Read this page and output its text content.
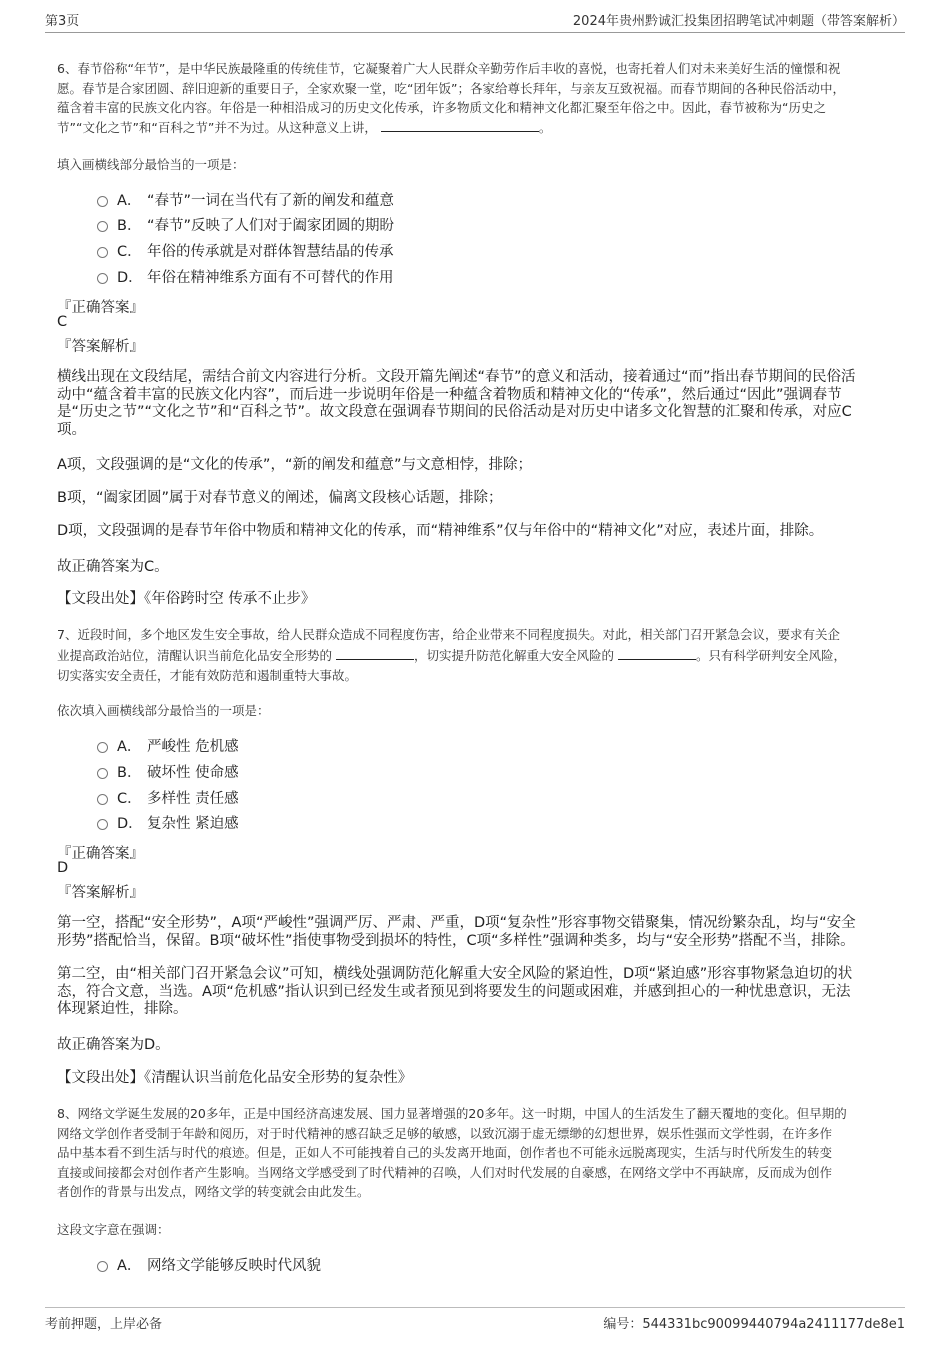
第3页	2024年贵州黔诚汇投集团招聘笔试冲刺题（带答案解析）
6、春节俗称“年节”，是中华民族最隆重的传统佳节，它凝聚着广大人民群众辛勤劳作后丰收的喜悦，也寄托着人们对未来美好生活的憧憬和祝
愿。春节是合家团圆、辞旧迎新的重要日子，全家欢聚一堂，吃“团年饭”；各家给尊长拜年，与亲友互致祝福。而春节期间的各种民俗活动中，
蕴含着丰富的民族文化内容。年俗是一种相沿成习的历史文化传承，许多物质文化和精神文化都汇聚至年俗之中。因此，春节被称为“历史之
节”“文化之节”和“百科之节”并不为过。从这种意义上讲，	。
填入画横线部分最恰当的一项是：
A． “春节”一词在当代有了新的阐发和蕴意
B． “春节”反映了人们对于阖家团圆的期盼
C． 年俗的传承就是对群体智慧结晶的传承
D． 年俗在精神维系方面有不可替代的作用
『正确答案』
C
『答案解析』
横线出现在文段结尾，需结合前文内容进行分析。文段开篇先阐述“春节”的意义和活动，接着通过“而”指出春节期间的民俗活
动中“蕴含着丰富的民族文化内容”，而后进一步说明年俗是一种蕴含着物质和精神文化的“传承”，然后通过“因此”强调春节
是“历史之节”“文化之节”和“百科之节”。故文段意在强调春节期间的民俗活动是对历史中诸多文化智慧的汇聚和传承，对应C
项。
A项，文段强调的是“文化的传承”，“新的阐发和蕴意”与文意相悖，排除；
B项，“阖家团圆”属于对春节意义的阐述，偏离文段核心话题，排除；
D项，文段强调的是春节年俗中物质和精神文化的传承，而“精神维系”仅与年俗中的“精神文化”对应，表述片面，排除。
故正确答案为C。
【文段出处】《年俗跨时空 传承不止步》
7、近段时间，多个地区发生安全事故，给人民群众造成不同程度伤害，给企业带来不同程度损失。对此，相关部门召开紧急会议，要求有关企
业提高政治站位，清醒认识当前危化品安全形势的	，切实提升防范化解重大安全风险的	。只有科学研判安全风险，
切实落实安全责任，才能有效防范和遏制重特大事故。
依次填入画横线部分最恰当的一项是：
A． 严峻性 危机感
B． 破坏性 使命感
C． 多样性 责任感
D． 复杂性 紧迫感
『正确答案』
D
『答案解析』
第一空，搭配“安全形势”，A项“严峻性”强调严厉、严肃、严重，D项“复杂性”形容事物交错聚集，情况纷繁杂乱，均与“安全
形势”搭配恰当，保留。B项“破坏性”指使事物受到损坏的特性，C项“多样性”强调种类多，均与“安全形势”搭配不当，排除。
第二空，由“相关部门召开紧急会议”可知，横线处强调防范化解重大安全风险的紧迫性，D项“紧迫感”形容事物紧急迫切的状
态，符合文意，当选。A项“危机感”指认识到已经发生或者预见到将要发生的问题或困难，并感到担心的一种忧患意识，无法
体现紧迫性，排除。
故正确答案为D。
【文段出处】《清醒认识当前危化品安全形势的复杂性》
8、网络文学诞生发展的20多年，正是中国经济高速发展、国力显著增强的20多年。这一时期，中国人的生活发生了翻天覆地的变化。但早期的
网络文学创作者受制于年龄和阅历，对于时代精神的感召缺乏足够的敏感，以致沉溺于虚无缥缈的幻想世界，娱乐性强而文学性弱，在许多作
品中基本看不到生活与时代的痕迹。但是，正如人不可能拽着自己的头发离开地面，创作者也不可能永远脱离现实，生活与时代所发生的转变
直接或间接都会对创作者产生影响。当网络文学感受到了时代精神的召唤，人们对时代发展的自豪感，在网络文学中不再缺席，反而成为创作
者创作的背景与出发点，网络文学的转变就会由此发生。
这段文字意在强调：
A． 网络文学能够反映时代风貌
考前押题，上岸必备	编号：544331bc90099440794a2411177de8e1
